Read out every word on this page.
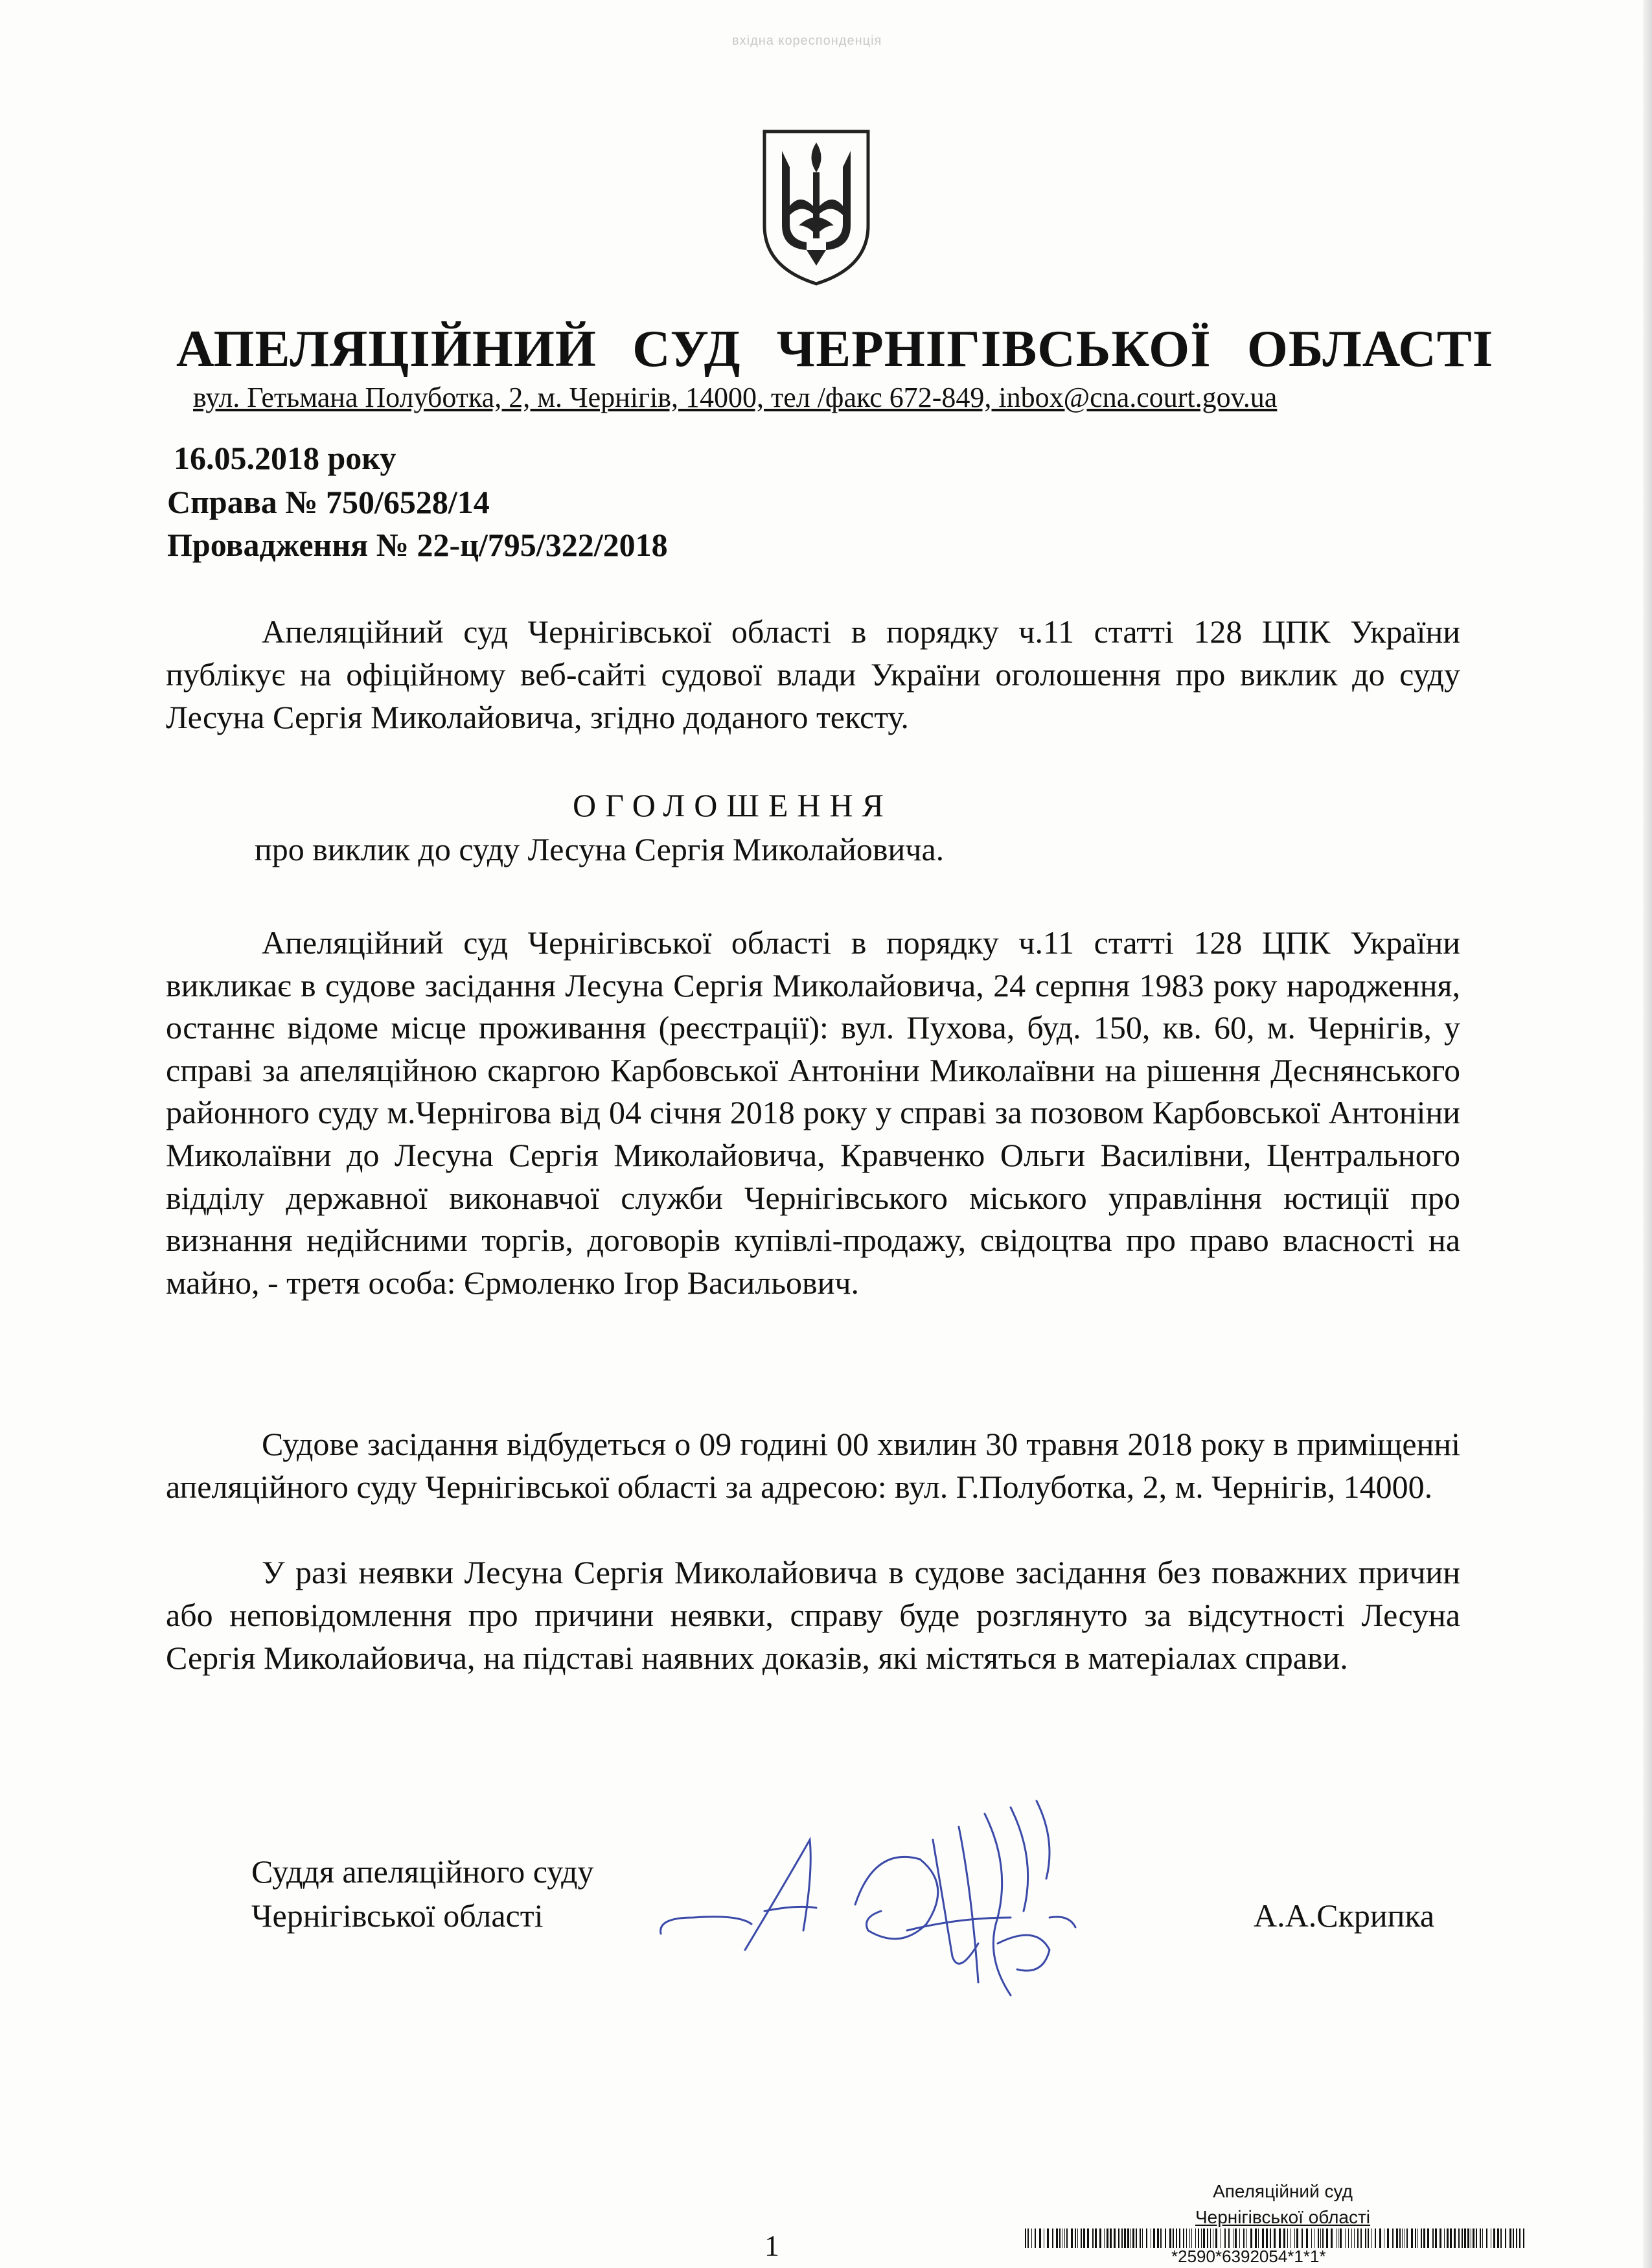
вхідна кореспонденція
АПЕЛЯЦІЙНИЙ СУД ЧЕРНІГІВСЬКОЇ ОБЛАСТІ
вул. Гетьмана Полуботка, 2, м. Чернігів, 14000, тел /факс 672-849, inbox@cna.court.gov.ua
16.05.2018 року
Справа № 750/6528/14
Провадження № 22-ц/795/322/2018

Апеляційний суд Чернігівської області в порядку ч.11 статті 128 ЦПК України публікує на офіційному веб-сайті судової влади України оголошення про виклик до суду Лесуна Сергія Миколайовича, згідно доданого тексту.

ОГОЛОШЕННЯ
про виклик до суду Лесуна Сергія Миколайовича.

Апеляційний суд Чернігівської області в порядку ч.11 статті 128 ЦПК України викликає в судове засідання Лесуна Сергія Миколайовича, 24 серпня 1983 року народження, останнє відоме місце проживання (реєстрації): вул. Пухова, буд. 150, кв. 60, м. Чернігів, у справі за апеляційною скаргою Карбовської Антоніни Миколаївни на рішення Деснянського районного суду м.Чернігова від 04 січня 2018 року у справі за позовом Карбовської Антоніни Миколаївни до Лесуна Сергія Миколайовича, Кравченко Ольги Василівни, Центрального відділу державної виконавчої служби Чернігівського міського управління юстиції про визнання недійсними торгів, договорів купівлі-продажу, свідоцтва про право власності на майно, - третя особа: Єрмоленко Ігор Васильович.

Судове засідання відбудеться о 09 годині 00 хвилин 30 травня 2018 року в приміщенні апеляційного суду Чернігівської області за адресою: вул. Г.Полуботка, 2, м. Чернігів, 14000.

У разі неявки Лесуна Сергія Миколайовича в судове засідання без поважних причин або неповідомлення про причини неявки, справу буде розглянуто за відсутності Лесуна Сергія Миколайовича, на підставі наявних доказів, які містяться в матеріалах справи.

Суддя апеляційного суду
Чернігівської області	А.А.Скрипка
1
Апеляційний суд
Чернігівської області
*2590*6392054*1*1*
